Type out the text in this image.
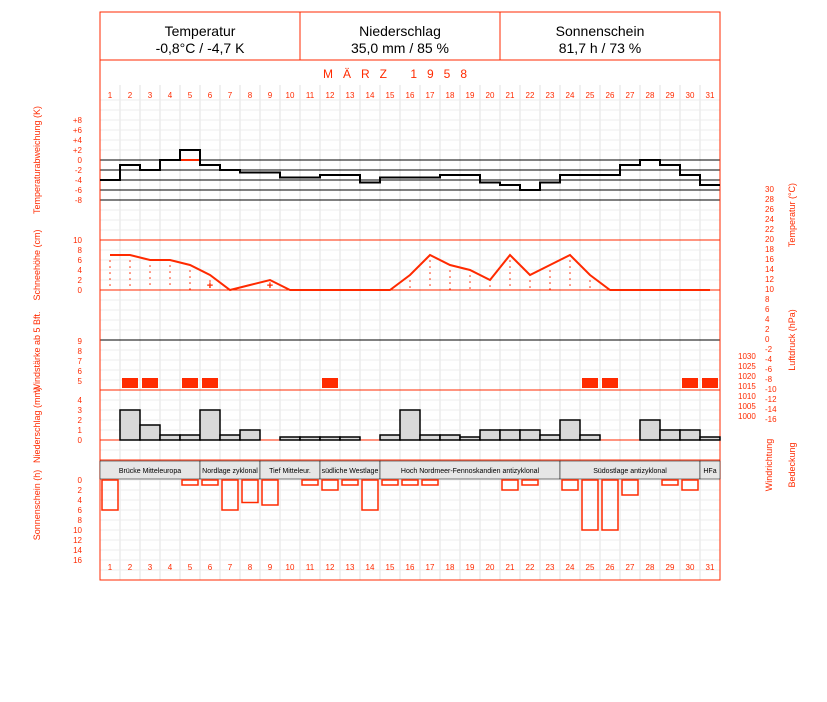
Temperatur
-0,8°C / -4,7 K
Niederschlag
35,0 mm / 85 %
Sonnenschein
81,7 h / 73 %
MÄRZ 1958
Temperaturabweichung (K)
Schneehöhe (cm)
Windstärke ab 5 Bft.
Niederschlag (mm)
Sonnenschein (h)
Temperatur (°C)
Luftdruck (hPa)
Windrichtung Bedeckung
1
1
2
2
3
3
4
4
5
5
6
6
7
7
8
8
9
9
10
10
11
11
12
12
13
13
14
14
15
15
16
16
17
17
18
18
19
19
20
20
21
21
22
22
23
23
24
24
25
25
26
26
27
27
28
28
29
29
30
30
31
31
+8
+6
+4
+2
0
-2
-4
-6
-8
30
28
26
24
22
20
18
16
14
12
10
8
6
4
2
0
-2
-4
-6
-8
-10
-12
-14
-16
10
8
6
4
2
0
9
8
7
6
5
1030
1025
1020
1015
1010
1005
1000
4
3
2
1
0
0
2
4
6
8
10
12
14
16
+	+
Brücke Mitteleuropa	Nordlage zyklonal Tief Mitteleur. südliche Westlage	Hoch Nordmeer-Fennoskandien antizyklonal	Südostlage antizyklonal	HFa
